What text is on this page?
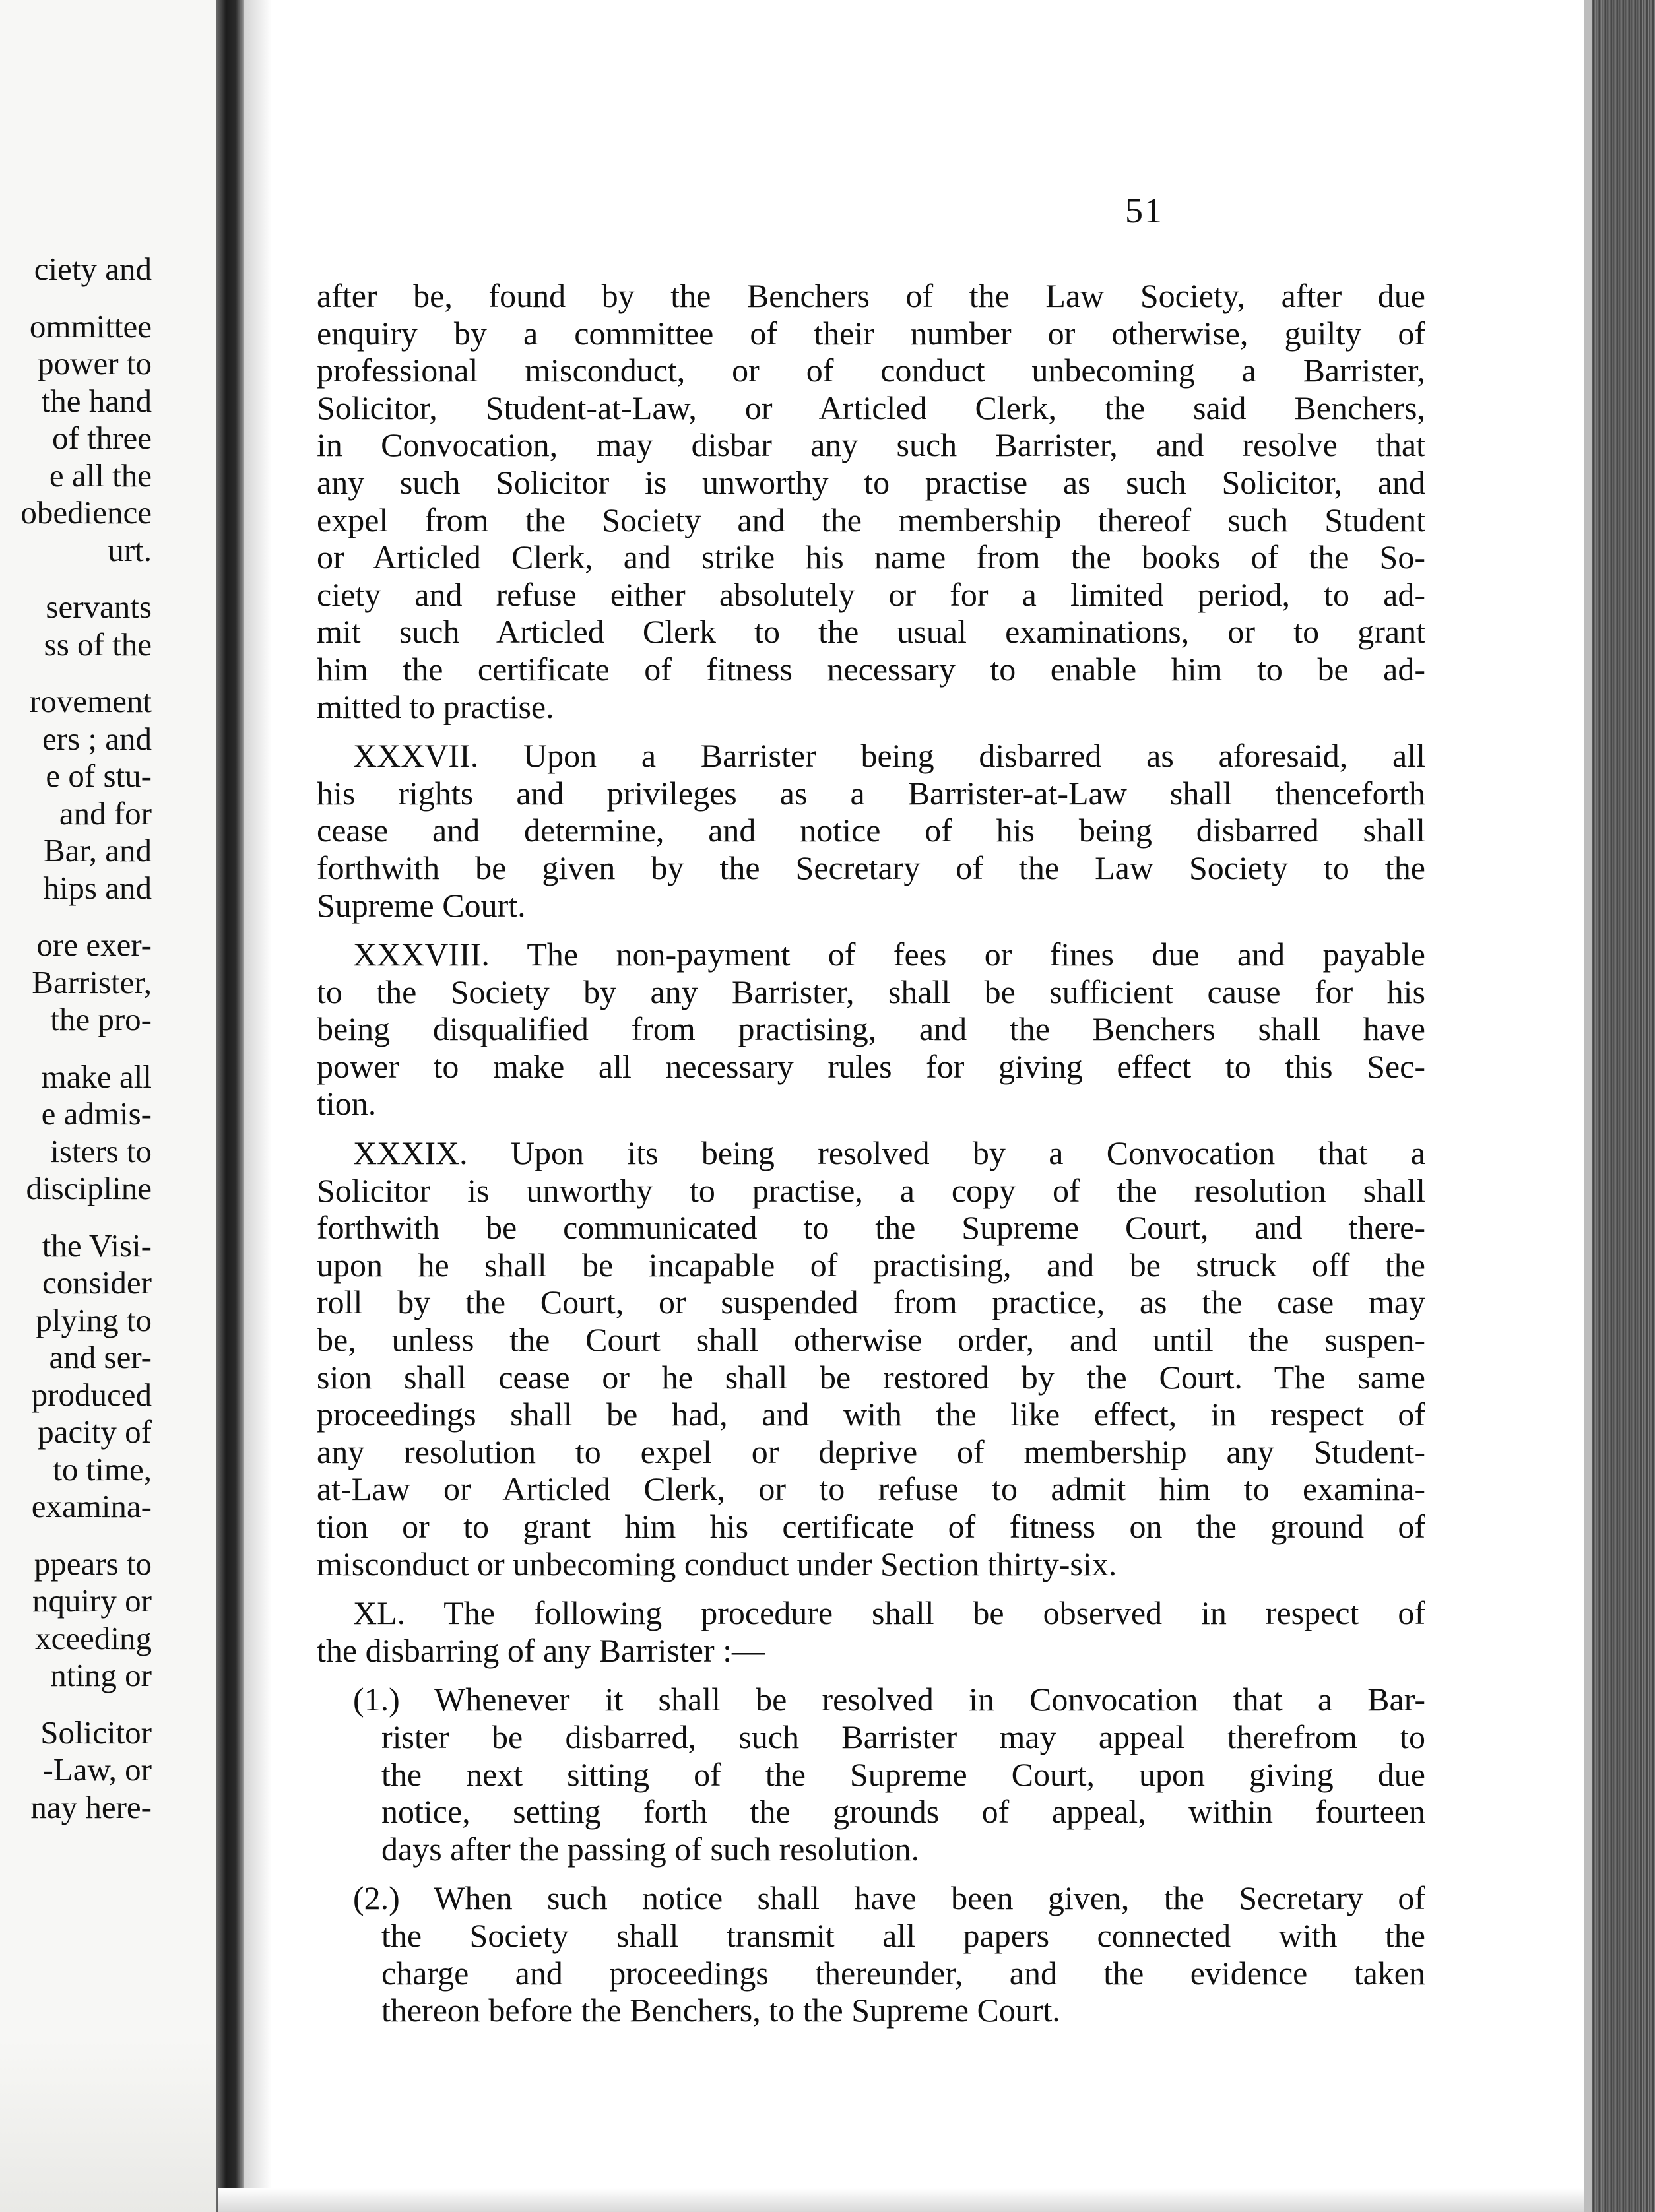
ciety and
ommittee
power to
the hand
of three
e all the
obedience
urt.
servants
ss of the
rovement
ers ; and
e of stu-
and for
Bar, and
hips and
ore exer-
Barrister,
the pro-
make all
e admis-
isters to
discipline
the Visi-
consider
plying to
and ser-
produced
pacity of
to time,
examina-
ppears to
nquiry or
xceeding
nting or
Solicitor
-Law, or
nay here-
51
after be, found by the Benchers of the Law Society, after due
enquiry by a committee of their number or otherwise, guilty of
professional misconduct, or of conduct unbecoming a Barrister,
Solicitor, Student-at-Law, or Articled Clerk, the said Benchers,
in Convocation, may disbar any such Barrister, and resolve that
any such Solicitor is unworthy to practise as such Solicitor, and
expel from the Society and the membership thereof such Student
or Articled Clerk, and strike his name from the books of the So-
ciety and refuse either absolutely or for a limited period, to ad-
mit such Articled Clerk to the usual examinations, or to grant
him the certificate of fitness necessary to enable him to be ad-
mitted to practise.
XXXVII. Upon a Barrister being disbarred as aforesaid, all
his rights and privileges as a Barrister-at-Law shall thenceforth
cease and determine, and notice of his being disbarred shall
forthwith be given by the Secretary of the Law Society to the
Supreme Court.
XXXVIII. The non-payment of fees or fines due and payable
to the Society by any Barrister, shall be sufficient cause for his
being disqualified from practising, and the Benchers shall have
power to make all necessary rules for giving effect to this Sec-
tion.
XXXIX. Upon its being resolved by a Convocation that a
Solicitor is unworthy to practise, a copy of the resolution shall
forthwith be communicated to the Supreme Court, and there-
upon he shall be incapable of practising, and be struck off the
roll by the Court, or suspended from practice, as the case may
be, unless the Court shall otherwise order, and until the suspen-
sion shall cease or he shall be restored by the Court. The same
proceedings shall be had, and with the like effect, in respect of
any resolution to expel or deprive of membership any Student-
at-Law or Articled Clerk, or to refuse to admit him to examina-
tion or to grant him his certificate of fitness on the ground of
misconduct or unbecoming conduct under Section thirty-six.
XL. The following procedure shall be observed in respect of
the disbarring of any Barrister :—
(1.) Whenever it shall be resolved in Convocation that a Bar-
rister be disbarred, such Barrister may appeal therefrom to
the next sitting of the Supreme Court, upon giving due
notice, setting forth the grounds of appeal, within fourteen
days after the passing of such resolution.
(2.) When such notice shall have been given, the Secretary of
the Society shall transmit all papers connected with the
charge and proceedings thereunder, and the evidence taken
thereon before the Benchers, to the Supreme Court.
